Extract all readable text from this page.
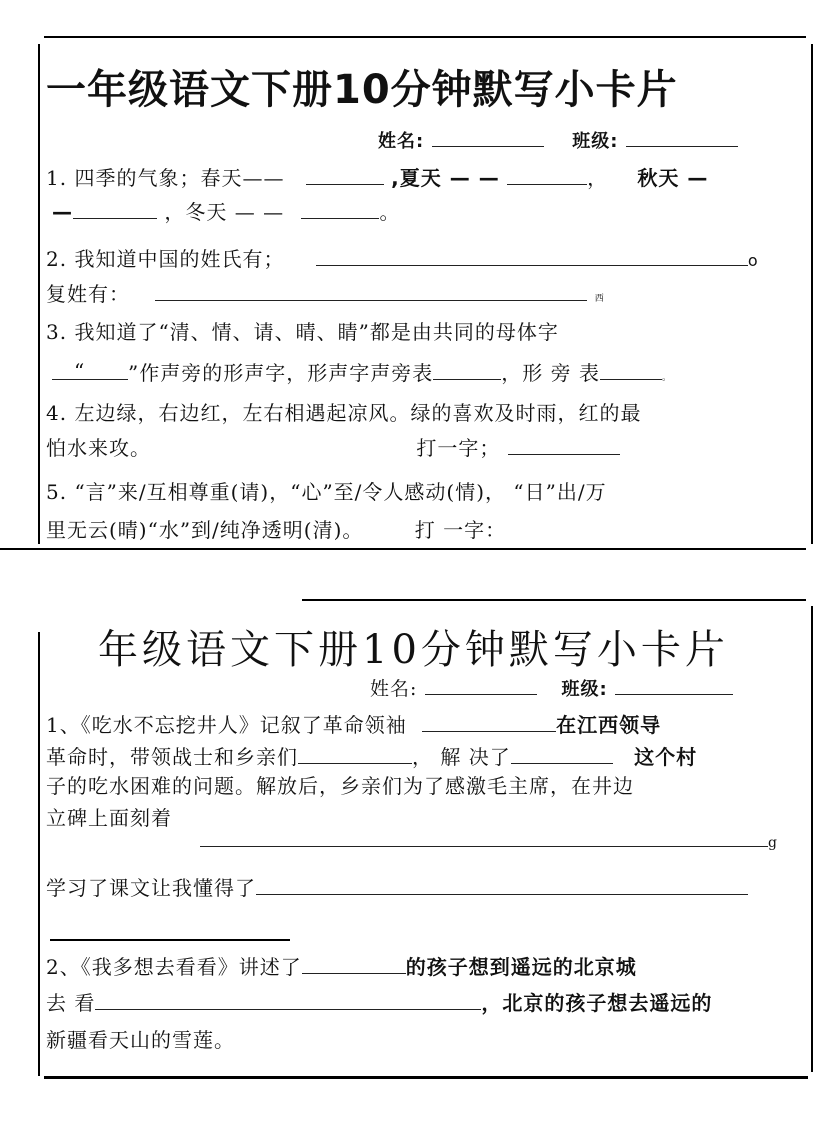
一年级语文下册10分钟默写小卡片
姓名:	班级:
1. 四季的气象；春天——	,夏天 — —	， 秋天 —
—	，冬天 — —	。
2. 我知道中国的姓氏有；	o
复姓有：	西
3. 我知道了“清、情、请、晴、睛”都是由共同的母体字
“ ”作声旁的形声字，形声字声旁表	，形 旁 表	。
4. 左边绿，右边红，左右相遇起凉风。绿的喜欢及时雨，红的最
怕水来攻。	打一字；
5. “言”来/互相尊重(请)，“心”至/令人感动(情)， “日”出/万
里无云(晴)“水”到/纯净透明(清)。	打 一字：
年级语文下册10分钟默写小卡片
姓名:	班级:
1、《吃水不忘挖井人》记叙了革命领袖	在江西领导
革命时，带领战士和乡亲们	， 解 决了	这个村
子的吃水困难的问题。解放后，乡亲们为了感激毛主席，在井边
立碑上面刻着
g
学习了课文让我懂得了
2、《我多想去看看》讲述了	的孩子想到遥远的北京城
去 看	，北京的孩子想去遥远的
新疆看天山的雪莲。
